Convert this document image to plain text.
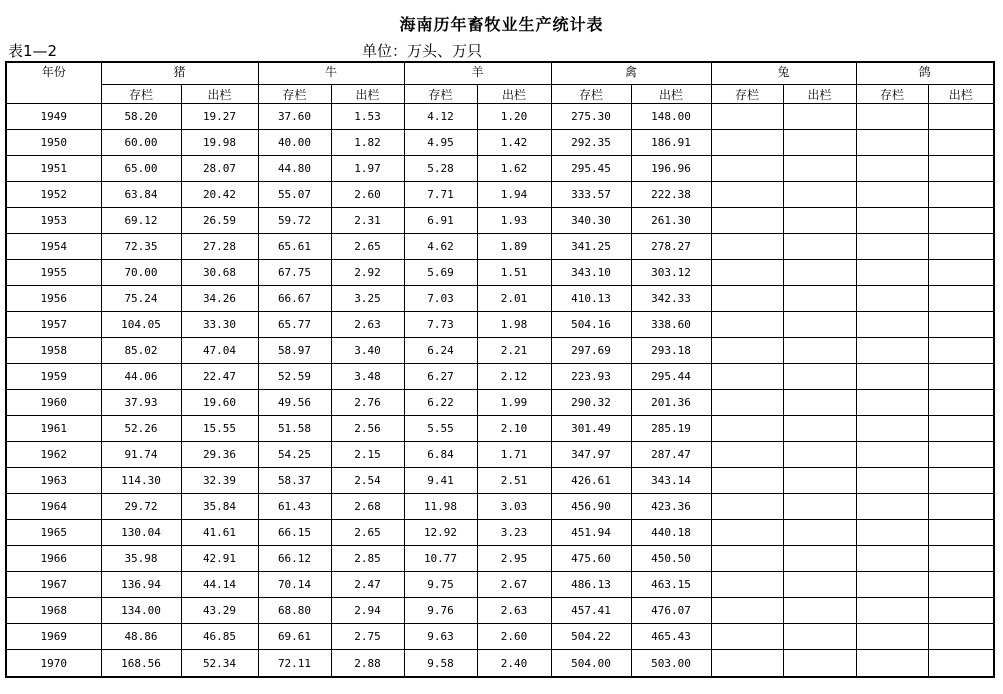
海南历年畜牧业生产统计表
表1—2	单位：万头、万只
年份	猪		牛		羊		禽		兔		鸽	
	存栏	出栏	存栏	出栏	存栏	出栏	存栏	出栏	存栏	出栏	存栏	出栏
1949	58.20	19.27	37.60	1.53	4.12	1.20	275.30	148.00				
1950	60.00	19.98	40.00	1.82	4.95	1.42	292.35	186.91				
1951	65.00	28.07	44.80	1.97	5.28	1.62	295.45	196.96				
1952	63.84	20.42	55.07	2.60	7.71	1.94	333.57	222.38				
1953	69.12	26.59	59.72	2.31	6.91	1.93	340.30	261.30				
1954	72.35	27.28	65.61	2.65	4.62	1.89	341.25	278.27				
1955	70.00	30.68	67.75	2.92	5.69	1.51	343.10	303.12				
1956	75.24	34.26	66.67	3.25	7.03	2.01	410.13	342.33				
1957	104.05	33.30	65.77	2.63	7.73	1.98	504.16	338.60				
1958	85.02	47.04	58.97	3.40	6.24	2.21	297.69	293.18				
1959	44.06	22.47	52.59	3.48	6.27	2.12	223.93	295.44				
1960	37.93	19.60	49.56	2.76	6.22	1.99	290.32	201.36				
1961	52.26	15.55	51.58	2.56	5.55	2.10	301.49	285.19				
1962	91.74	29.36	54.25	2.15	6.84	1.71	347.97	287.47				
1963	114.30	32.39	58.37	2.54	9.41	2.51	426.61	343.14				
1964	29.72	35.84	61.43	2.68	11.98	3.03	456.90	423.36				
1965	130.04	41.61	66.15	2.65	12.92	3.23	451.94	440.18				
1966	35.98	42.91	66.12	2.85	10.77	2.95	475.60	450.50				
1967	136.94	44.14	70.14	2.47	9.75	2.67	486.13	463.15				
1968	134.00	43.29	68.80	2.94	9.76	2.63	457.41	476.07				
1969	48.86	46.85	69.61	2.75	9.63	2.60	504.22	465.43				
1970	168.56	52.34	72.11	2.88	9.58	2.40	504.00	503.00				
